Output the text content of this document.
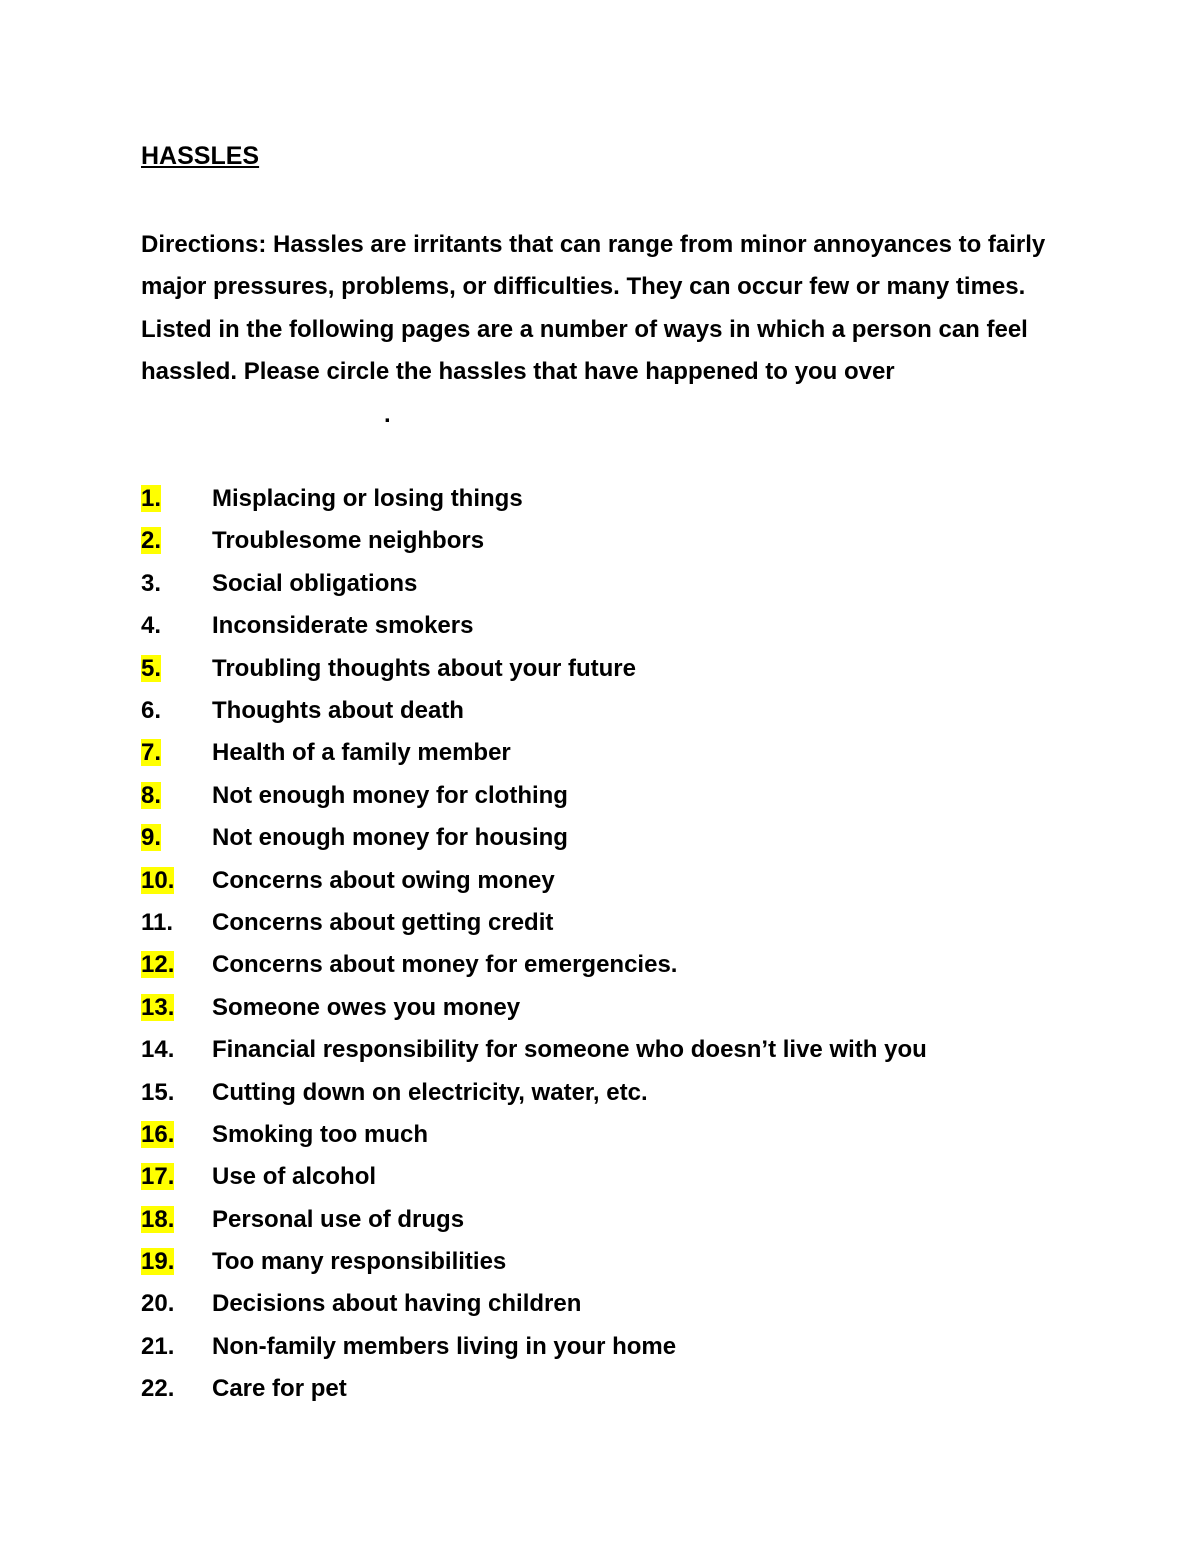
HASSLES

Directions: Hassles are irritants that can range from minor annoyances to fairly major pressures, problems, or difficulties. They can occur few or many times. Listed in the following pages are a number of ways in which a person can feel hassled. Please circle the hassles that have happened to you over.

1.	Misplacing or losing things
2.	Troublesome neighbors
3.	Social obligations
4.	Inconsiderate smokers
5.	Troubling thoughts about your future
6.	Thoughts about death
7.	Health of a family member
8.	Not enough money for clothing
9.	Not enough money for housing
10.	Concerns about owing money
11.	Concerns about getting credit
12.	Concerns about money for emergencies.
13.	Someone owes you money
14.	Financial responsibility for someone who doesn’t live with you
15.	Cutting down on electricity, water, etc.
16.	Smoking too much
17.	Use of alcohol
18.	Personal use of drugs
19.	Too many responsibilities
20.	Decisions about having children
21.	Non-family members living in your home
22.	Care for pet
